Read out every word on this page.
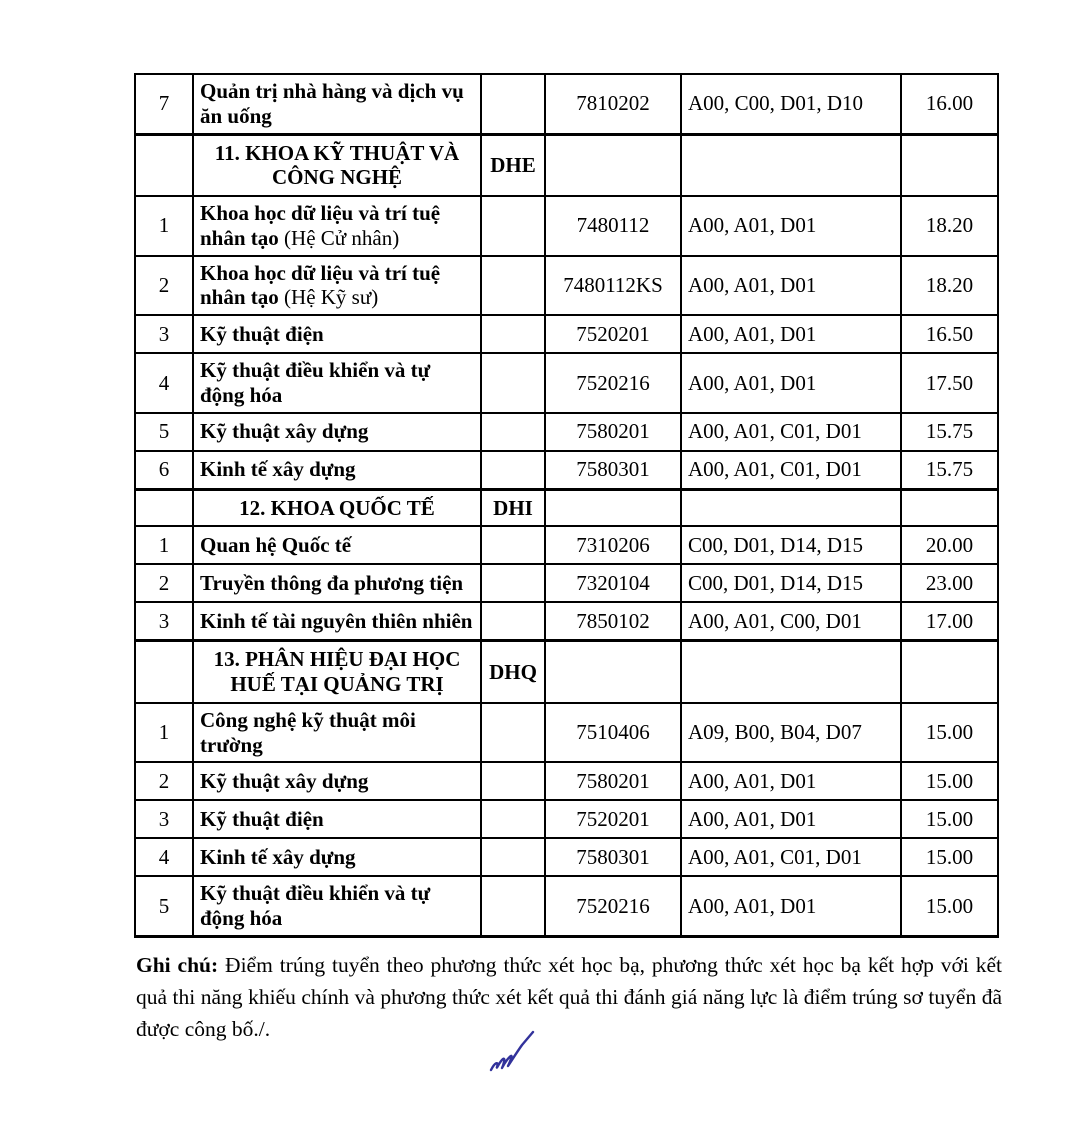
7	Quản trị nhà hàng và dịch vụ ăn uống		7810202	A00, C00, D01, D10	16.00
	11. KHOA KỸ THUẬT VÀ CÔNG NGHỆ	DHE			
1	Khoa học dữ liệu và trí tuệ nhân tạo (Hệ Cử nhân)		7480112	A00, A01, D01	18.20
2	Khoa học dữ liệu và trí tuệ nhân tạo (Hệ Kỹ sư)		7480112KS	A00, A01, D01	18.20
3	Kỹ thuật điện		7520201	A00, A01, D01	16.50
4	Kỹ thuật điều khiển và tự động hóa		7520216	A00, A01, D01	17.50
5	Kỹ thuật xây dựng		7580201	A00, A01, C01, D01	15.75
6	Kinh tế xây dựng		7580301	A00, A01, C01, D01	15.75
	12. KHOA QUỐC TẾ	DHI			
1	Quan hệ Quốc tế		7310206	C00, D01, D14, D15	20.00
2	Truyền thông đa phương tiện		7320104	C00, D01, D14, D15	23.00
3	Kinh tế tài nguyên thiên nhiên		7850102	A00, A01, C00, D01	17.00
	13. PHÂN HIỆU ĐẠI HỌC HUẾ TẠI QUẢNG TRỊ	DHQ			
1	Công nghệ kỹ thuật môi trường		7510406	A09, B00, B04, D07	15.00
2	Kỹ thuật xây dựng		7580201	A00, A01, D01	15.00
3	Kỹ thuật điện		7520201	A00, A01, D01	15.00
4	Kinh tế xây dựng		7580301	A00, A01, C01, D01	15.00
5	Kỹ thuật điều khiển và tự động hóa		7520216	A00, A01, D01	15.00
Ghi chú: Điểm trúng tuyển theo phương thức xét học bạ, phương thức xét học bạ kết hợp với kết quả thi năng khiếu chính và phương thức xét kết quả thi đánh giá năng lực là điểm trúng sơ tuyển đã được công bố./.
